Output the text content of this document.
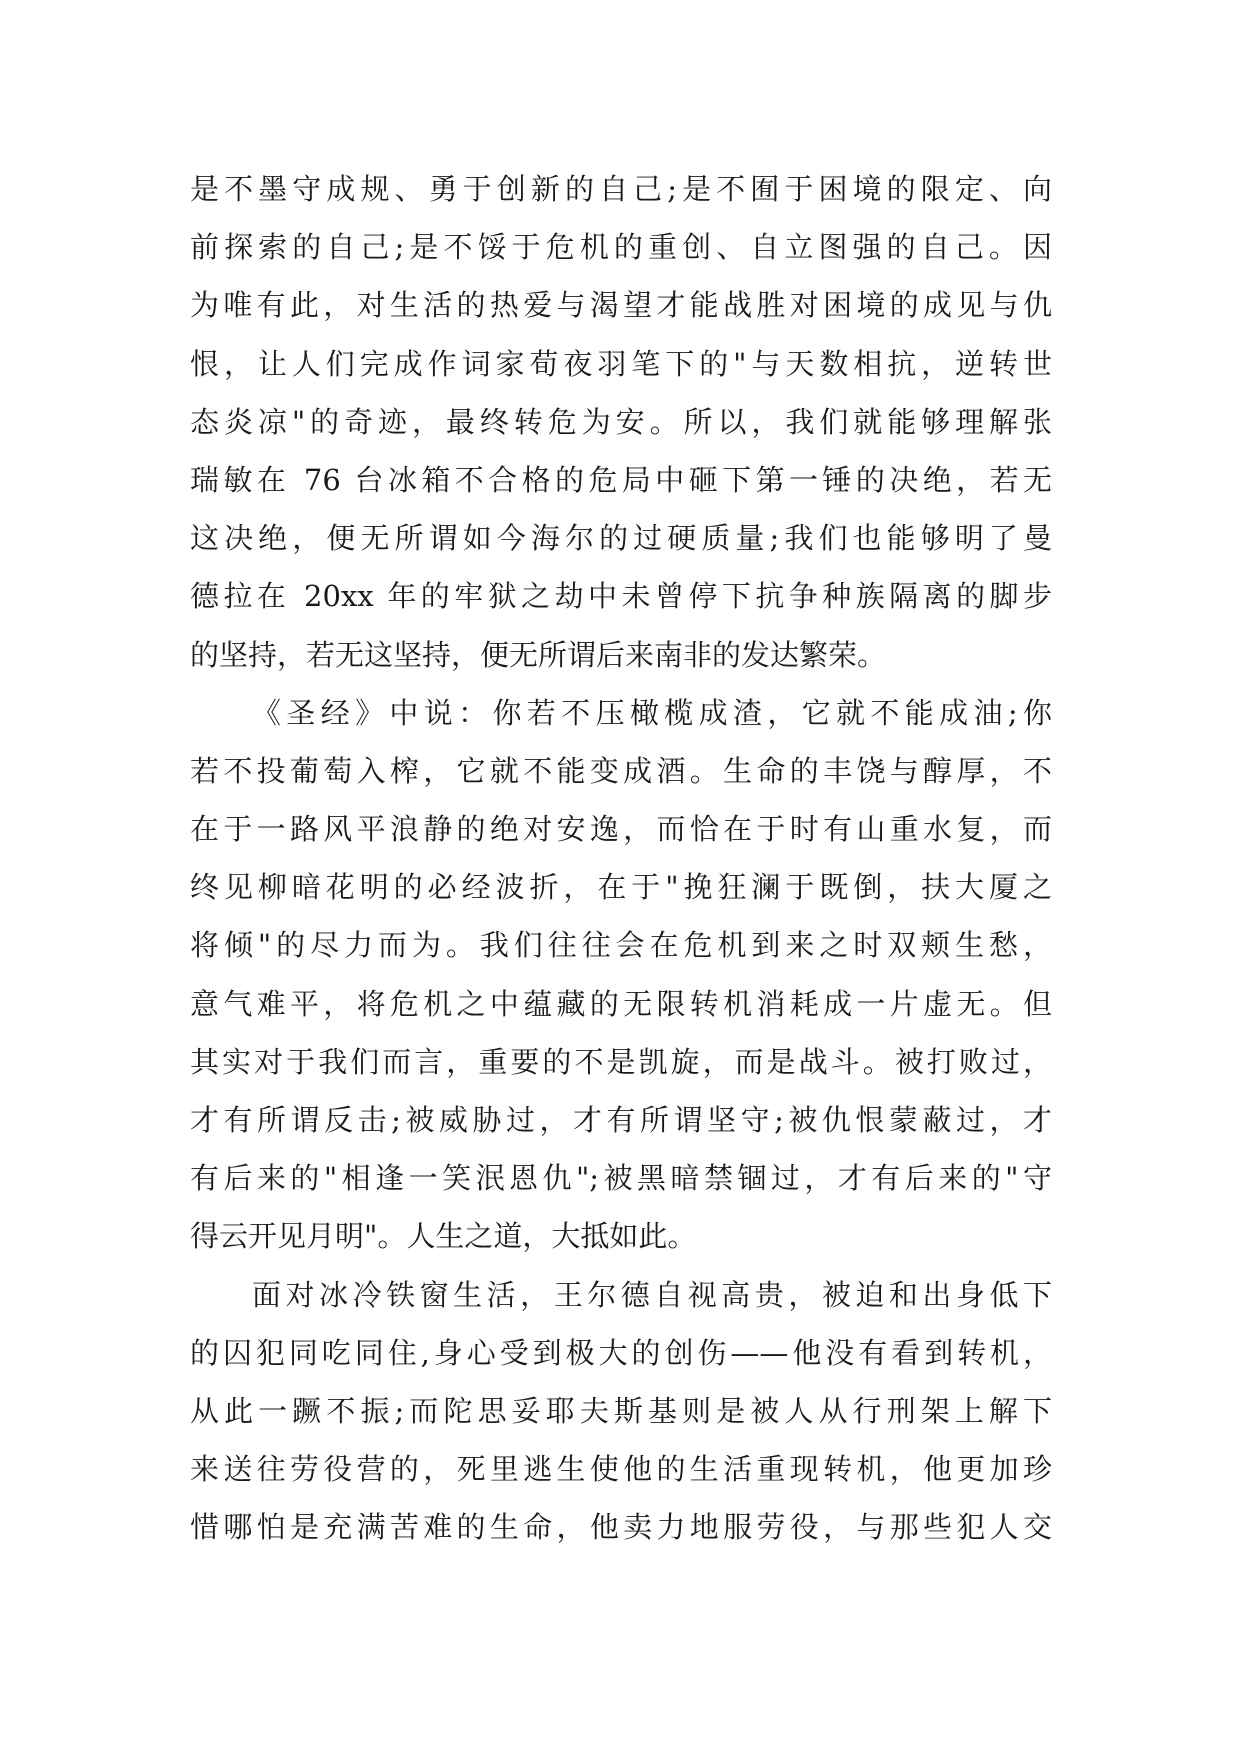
是不墨守成规、勇于创新的自己;是不囿于困境的限定、向
前探索的自己;是不馁于危机的重创、自立图强的自己。因
为唯有此，对生活的热爱与渴望才能战胜对困境的成见与仇
恨，让人们完成作词家荀夜羽笔下的"与天数相抗，逆转世
态炎凉"的奇迹，最终转危为安。所以，我们就能够理解张
瑞敏在 76 台冰箱不合格的危局中砸下第一锤的决绝，若无
这决绝，便无所谓如今海尔的过硬质量;我们也能够明了曼
德拉在 20xx 年的牢狱之劫中未曾停下抗争种族隔离的脚步
的坚持，若无这坚持，便无所谓后来南非的发达繁荣。
《圣经》中说：你若不压橄榄成渣，它就不能成油;你
若不投葡萄入榨，它就不能变成酒。生命的丰饶与醇厚，不
在于一路风平浪静的绝对安逸，而恰在于时有山重水复，而
终见柳暗花明的必经波折，在于"挽狂澜于既倒，扶大厦之
将倾"的尽力而为。我们往往会在危机到来之时双颊生愁，
意气难平，将危机之中蕴藏的无限转机消耗成一片虚无。但
其实对于我们而言，重要的不是凯旋，而是战斗。被打败过，
才有所谓反击;被威胁过，才有所谓坚守;被仇恨蒙蔽过，才
有后来的"相逢一笑泯恩仇";被黑暗禁锢过，才有后来的"守
得云开见月明"。人生之道，大抵如此。
面对冰冷铁窗生活，王尔德自视高贵，被迫和出身低下
的囚犯同吃同住,身心受到极大的创伤——他没有看到转机，
从此一蹶不振;而陀思妥耶夫斯基则是被人从行刑架上解下
来送往劳役营的，死里逃生使他的生活重现转机，他更加珍
惜哪怕是充满苦难的生命，他卖力地服劳役，与那些犯人交
